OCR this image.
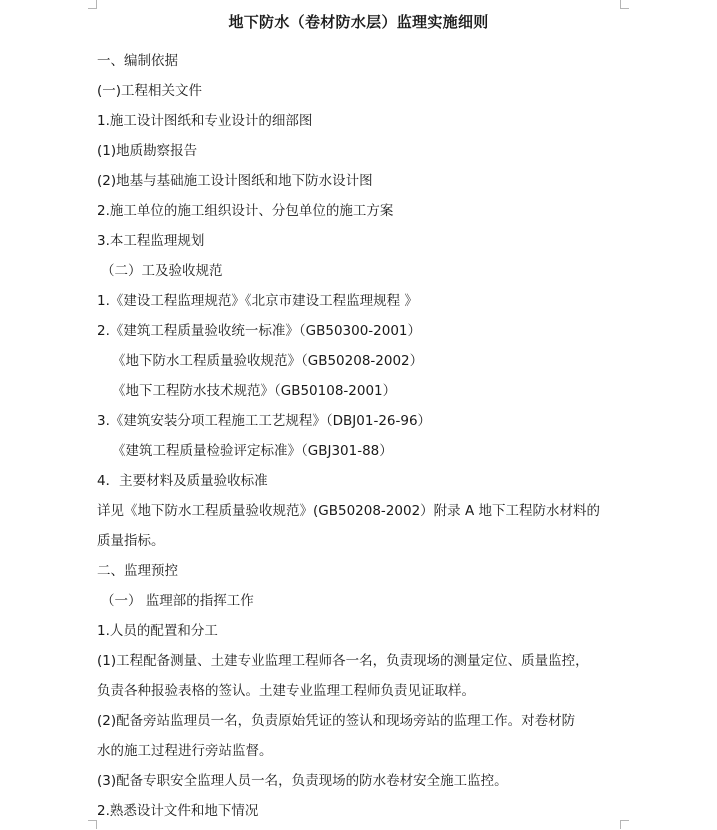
地下防水（卷材防水层）监理实施细则
一、编制依据
(一)工程相关文件
1.施工设计图纸和专业设计的细部图
(1)地质勘察报告
(2)地基与基础施工设计图纸和地下防水设计图
2.施工单位的施工组织设计、分包单位的施工方案
3.本工程监理规划
（二）工及验收规范
1.《建设工程监理规范》《北京市建设工程监理规程 》
2.《建筑工程质量验收统一标准》（GB50300-2001）
《地下防水工程质量验收规范》（GB50208-2002）
《地下工程防水技术规范》（GB50108-2001）
3.《建筑安装分项工程施工工艺规程》（DBJ01-26-96）
《建筑工程质量检验评定标准》（GBJ301-88）
4．主要材料及质量验收标准
详见《地下防水工程质量验收规范》(GB50208-2002）附录 A 地下工程防水材料的
质量指标。
二、监理预控
（一） 监理部的指挥工作
1.人员的配置和分工
(1)工程配备测量、土建专业监理工程师各一名，负责现场的测量定位、质量监控，
负责各种报验表格的签认。土建专业监理工程师负责见证取样。
(2)配备旁站监理员一名，负责原始凭证的签认和现场旁站的监理工作。对卷材防
水的施工过程进行旁站监督。
(3)配备专职安全监理人员一名，负责现场的防水卷材安全施工监控。
2.熟悉设计文件和地下情况
